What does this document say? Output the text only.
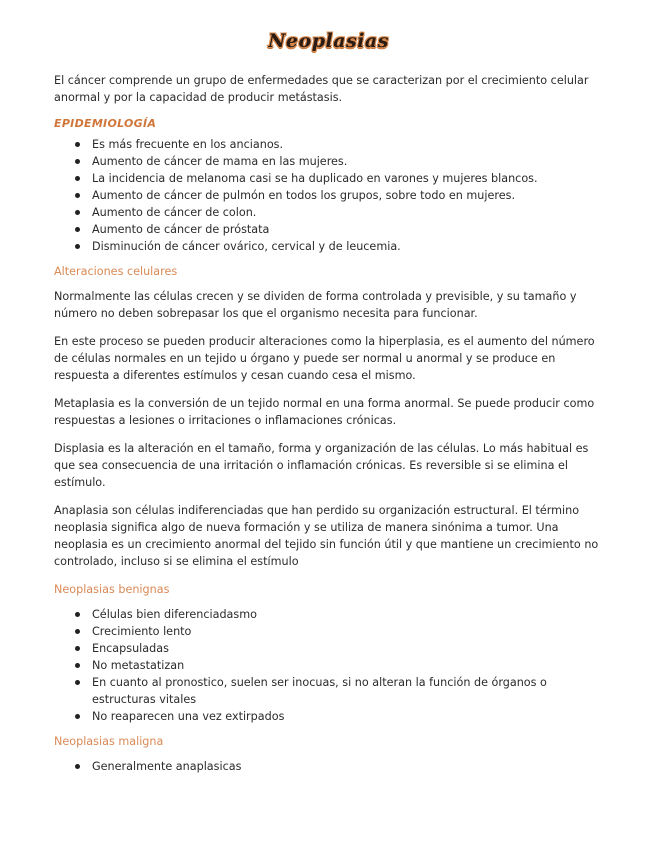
Neoplasias

El cáncer comprende un grupo de enfermedades que se caracterizan por el crecimiento celular anormal y por la capacidad de producir metástasis.

EPIDEMIOLOGÍA
Es más frecuente en los ancianos.
Aumento de cáncer de mama en las mujeres.
La incidencia de melanoma casi se ha duplicado en varones y mujeres blancos.
Aumento de cáncer de pulmón en todos los grupos, sobre todo en mujeres.
Aumento de cáncer de colon.
Aumento de cáncer de próstata
Disminución de cáncer ovárico, cervical y de leucemia.
Alteraciones celulares

Normalmente las células crecen y se dividen de forma controlada y previsible, y su tamaño y número no deben sobrepasar los que el organismo necesita para funcionar.

En este proceso se pueden producir alteraciones como la hiperplasia, es el aumento del número de células normales en un tejido u órgano y puede ser normal u anormal y se produce en respuesta a diferentes estímulos y cesan cuando cesa el mismo.

Metaplasia es la conversión de un tejido normal en una forma anormal. Se puede producir como respuestas a lesiones o irritaciones o inflamaciones crónicas.

Displasia es la alteración en el tamaño, forma y organización de las células. Lo más habitual es que sea consecuencia de una irritación o inflamación crónicas. Es reversible si se elimina el estímulo.

Anaplasia son células indiferenciadas que han perdido su organización estructural. El término neoplasia significa algo de nueva formación y se utiliza de manera sinónima a tumor. Una neoplasia es un crecimiento anormal del tejido sin función útil y que mantiene un crecimiento no controlado, incluso si se elimina el estímulo

Neoplasias benignas
Células bien diferenciadasmo
Crecimiento lento
Encapsuladas
No metastatizan
En cuanto al pronostico, suelen ser inocuas, si no alteran la función de órganos o estructuras vitales
No reaparecen una vez extirpados
Neoplasias maligna
Generalmente anaplasicas
